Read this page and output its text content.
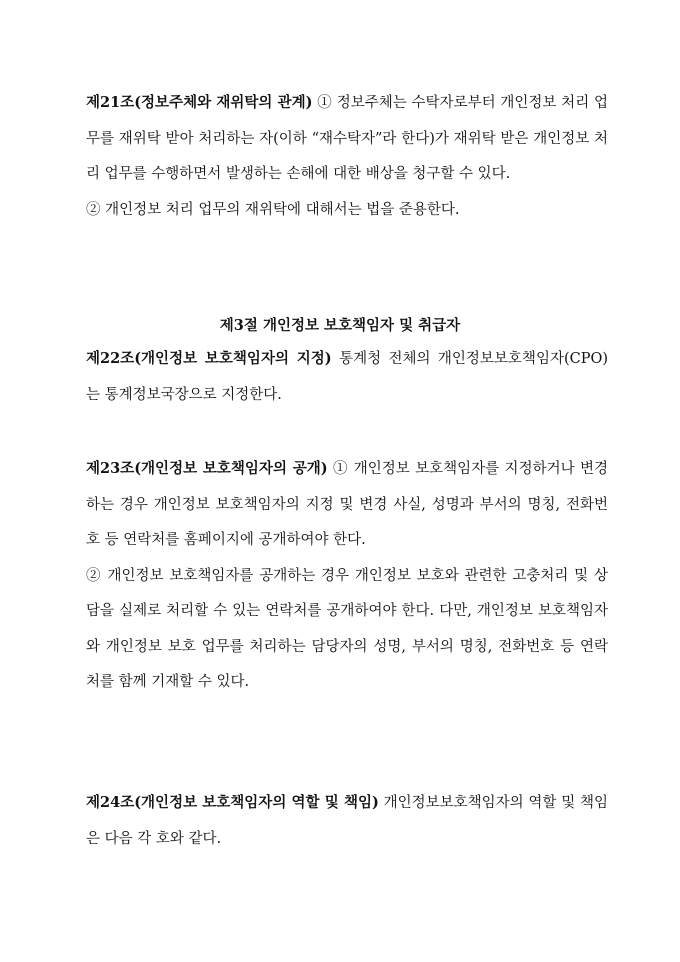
제21조(정보주체와 재위탁의 관계) ① 정보주체는 수탁자로부터 개인정보 처리 업무를 재위탁 받아 처리하는 자(이하 “재수탁자”라 한다)가 재위탁 받은 개인정보 처리 업무를 수행하면서 발생하는 손해에 대한 배상을 청구할 수 있다.

② 개인정보 처리 업무의 재위탁에 대해서는 법을 준용한다.

제3절 개인정보 보호책임자 및 취급자

제22조(개인정보 보호책임자의 지정) 통계청 전체의 개인정보보호책임자(CPO)는 통계정보국장으로 지정한다.

제23조(개인정보 보호책임자의 공개) ① 개인정보 보호책임자를 지정하거나 변경하는 경우 개인정보 보호책임자의 지정 및 변경 사실, 성명과 부서의 명칭, 전화번호 등 연락처를 홈페이지에 공개하여야 한다.

② 개인정보 보호책임자를 공개하는 경우 개인정보 보호와 관련한 고충처리 및 상담을 실제로 처리할 수 있는 연락처를 공개하여야 한다. 다만, 개인정보 보호책임자와 개인정보 보호 업무를 처리하는 담당자의 성명, 부서의 명칭, 전화번호 등 연락처를 함께 기재할 수 있다.

제24조(개인정보 보호책임자의 역할 및 책임) 개인정보보호책임자의 역할 및 책임은 다음 각 호와 같다.
